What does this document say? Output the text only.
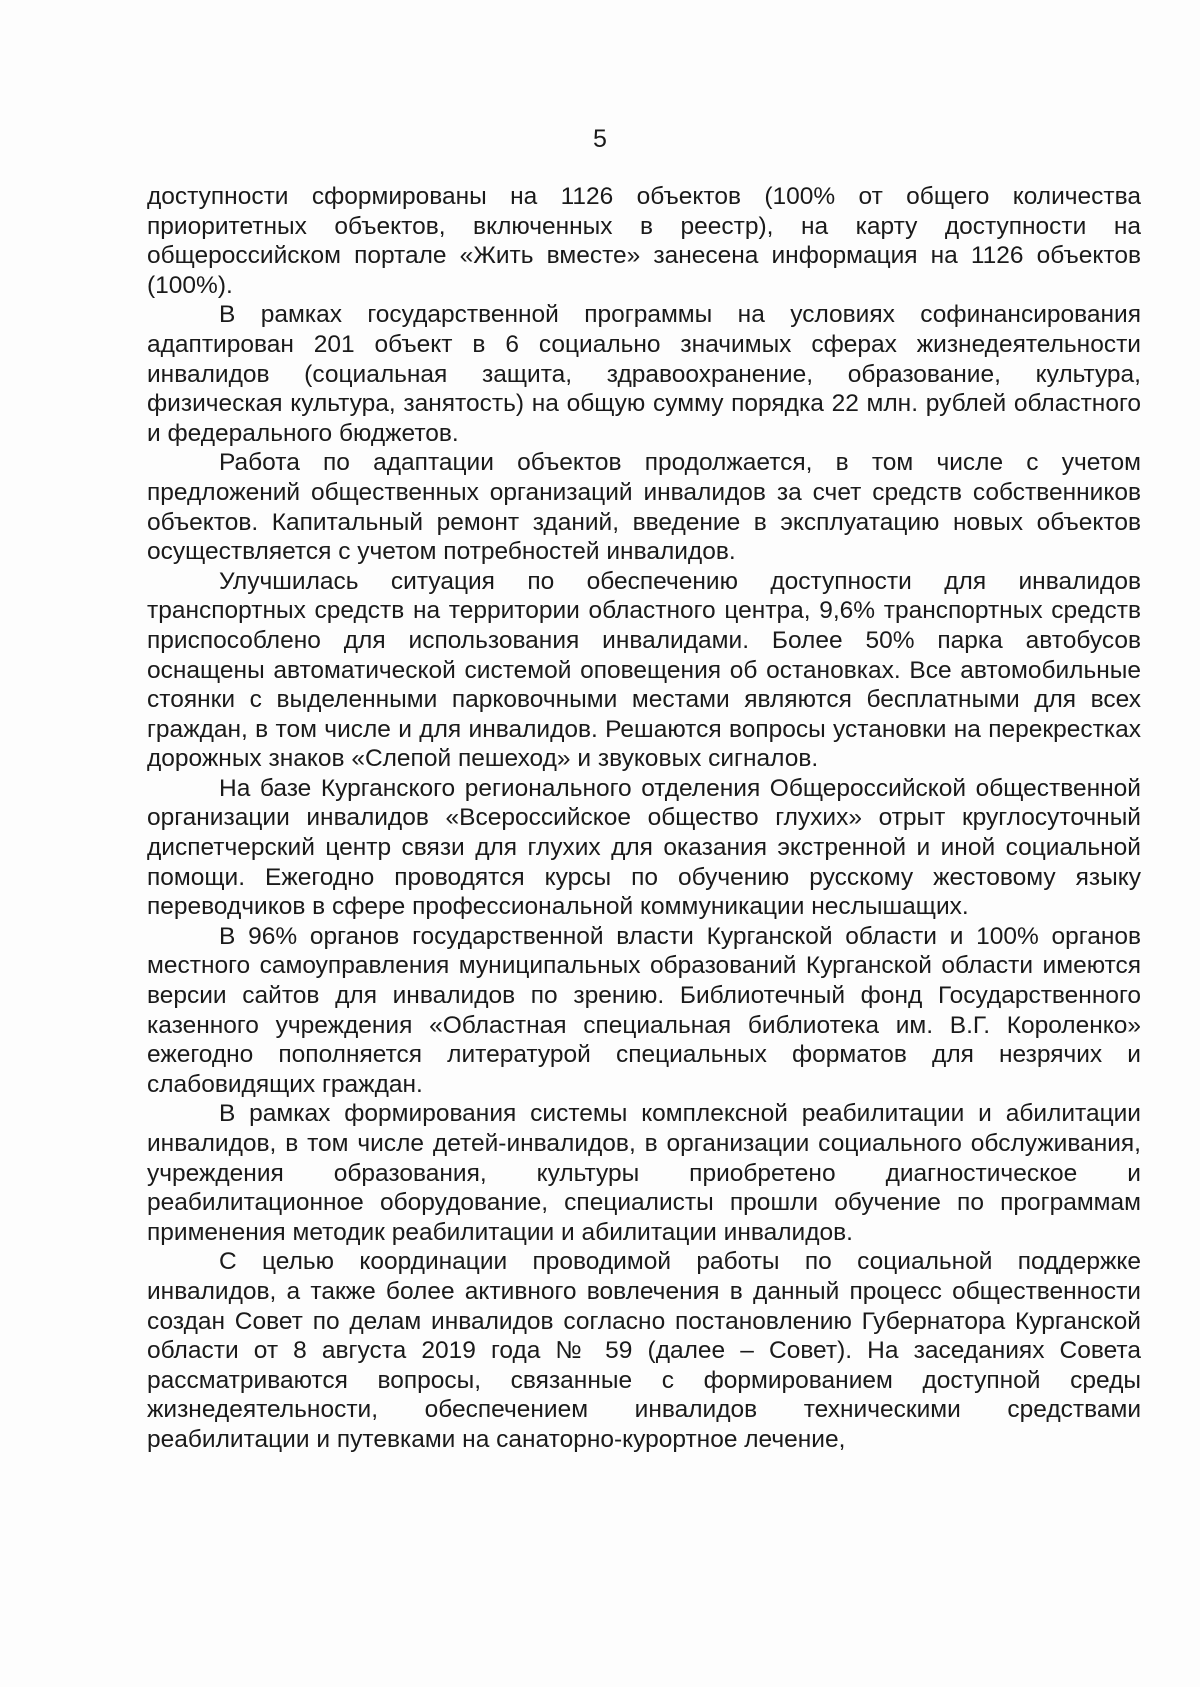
5

доступности сформированы на 1126 объектов (100% от общего количества приоритетных объектов, включенных в реестр), на карту доступности на общероссийском портале «Жить вместе» занесена информация на 1126 объектов (100%).

В рамках государственной программы на условиях софинансирования адаптирован 201 объект в 6 социально значимых сферах жизнедеятельности инвалидов (социальная защита, здравоохранение, образование, культура, физическая культура, занятость) на общую сумму порядка 22 млн. рублей областного и федерального бюджетов.

Работа по адаптации объектов продолжается, в том числе с учетом предложений общественных организаций инвалидов за счет средств собственников объектов. Капитальный ремонт зданий, введение в эксплуатацию новых объектов осуществляется с учетом потребностей инвалидов.

Улучшилась ситуация по обеспечению доступности для инвалидов транспортных средств на территории областного центра, 9,6% транспортных средств приспособлено для использования инвалидами. Более 50% парка автобусов оснащены автоматической системой оповещения об остановках. Все автомобильные стоянки с выделенными парковочными местами являются бесплатными для всех граждан, в том числе и для инвалидов. Решаются вопросы установки на перекрестках дорожных знаков «Слепой пешеход» и звуковых сигналов.

На базе Курганского регионального отделения Общероссийской общественной организации инвалидов «Всероссийское общество глухих» отрыт круглосуточный диспетчерский центр связи для глухих для оказания экстренной и иной социальной помощи. Ежегодно проводятся курсы по обучению русскому жестовому языку переводчиков в сфере профессиональной коммуникации неслышащих.

В 96% органов государственной власти Курганской области и 100% органов местного самоуправления муниципальных образований Курганской области имеются версии сайтов для инвалидов по зрению. Библиотечный фонд Государственного казенного учреждения «Областная специальная библиотека им. В.Г. Короленко» ежегодно пополняется литературой специальных форматов для незрячих и слабовидящих граждан.

В рамках формирования системы комплексной реабилитации и абилитации инвалидов, в том числе детей-инвалидов, в организации социального обслуживания, учреждения образования, культуры приобретено диагностическое и реабилитационное оборудование, специалисты прошли обучение по программам применения методик реабилитации и абилитации инвалидов.

С целью координации проводимой работы по социальной поддержке инвалидов, а также более активного вовлечения в данный процесс общественности создан Совет по делам инвалидов согласно постановлению Губернатора Курганской области от 8 августа 2019 года № 59 (далее – Совет). На заседаниях Совета рассматриваются вопросы, связанные с формированием доступной среды жизнедеятельности, обеспечением инвалидов техническими средствами реабилитации и путевками на санаторно-курортное лечение,
